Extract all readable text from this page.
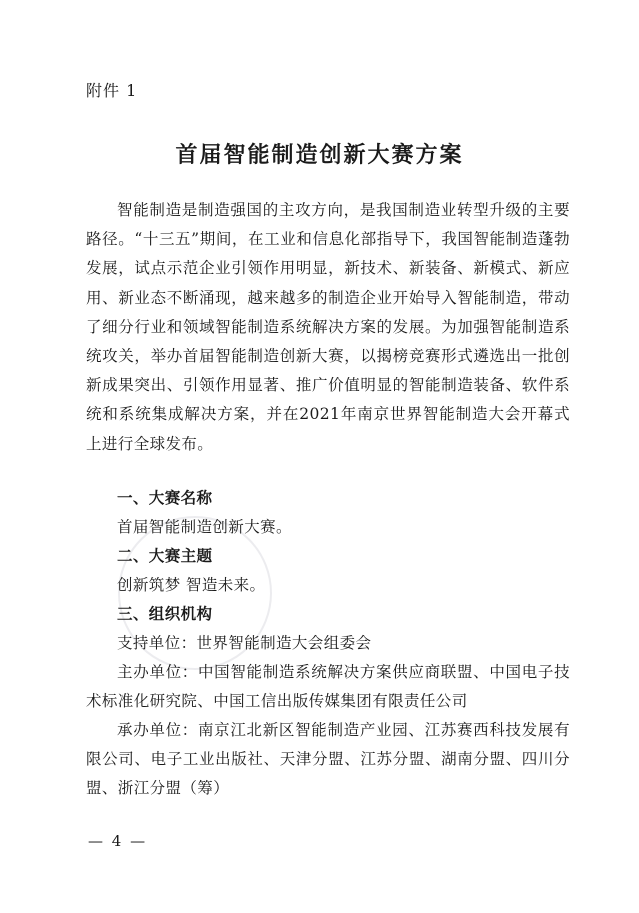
附件 1
首届智能制造创新大赛方案

智能制造是制造强国的主攻方向，是我国制造业转型升级的主要路径。“十三五”期间，在工业和信息化部指导下，我国智能制造蓬勃发展，试点示范企业引领作用明显，新技术、新装备、新模式、新应用、新业态不断涌现，越来越多的制造企业开始导入智能制造，带动了细分行业和领域智能制造系统解决方案的发展。为加强智能制造系统攻关，举办首届智能制造创新大赛，以揭榜竞赛形式遴选出一批创新成果突出、引领作用显著、推广价值明显的智能制造装备、软件系统和系统集成解决方案，并在2021年南京世界智能制造大会开幕式上进行全球发布。

一、大赛名称
首届智能制造创新大赛。
二、大赛主题
创新筑梦 智造未来。
三、组织机构
支持单位：世界智能制造大会组委会
主办单位：中国智能制造系统解决方案供应商联盟、中国电子技术标准化研究院、中国工信出版传媒集团有限责任公司
承办单位：南京江北新区智能制造产业园、江苏赛西科技发展有限公司、电子工业出版社、天津分盟、江苏分盟、湖南分盟、四川分盟、浙江分盟（筹）
— 4 —
